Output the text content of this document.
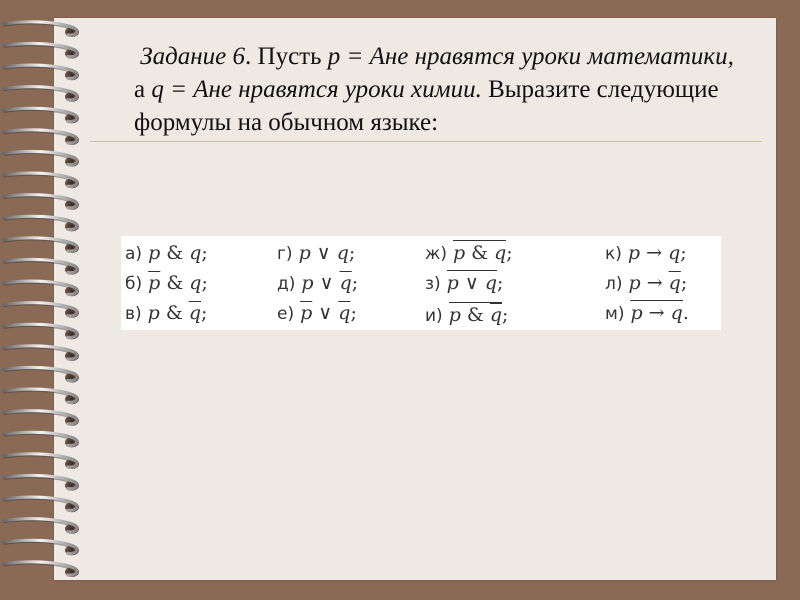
Задание 6. Пусть p = Ане нравятся уроки математики, а q = Ане нравятся уроки химии. Выразите следующие формулы на обычном языке:
а) p & q;
б) $\overline{p}$ & q;
в) p & $\overline{q}$;
г) p ∨ q;
д) p ∨ $\overline{q}$;
е) $\overline{p}$ ∨ $\overline{q}$;
ж) p & q;
з) p ∨ q;
и) p & $\overline{q}$;
к) p → q;
л) $p \to \overline{q}$;
м) p → q.
